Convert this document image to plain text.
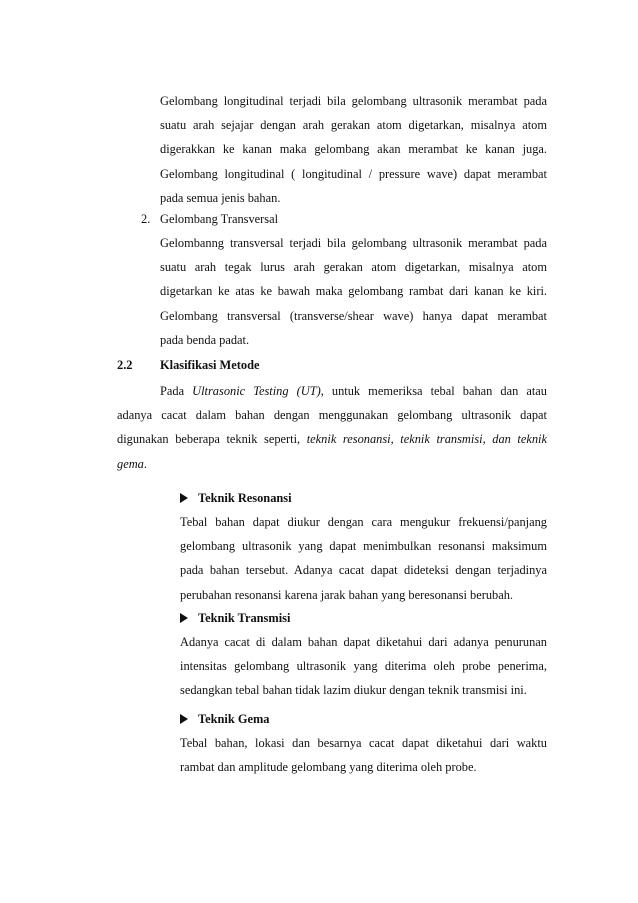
Gelombang longitudinal terjadi bila gelombang ultrasonik merambat pada
suatu arah sejajar dengan arah gerakan atom digetarkan, misalnya atom
digerakkan ke kanan maka gelombang akan merambat ke kanan juga.
Gelombang longitudinal ( longitudinal / pressure wave) dapat merambat
pada semua jenis bahan.
2. Gelombang Transversal
Gelombanng transversal terjadi bila gelombang ultrasonik merambat pada
suatu arah tegak lurus arah gerakan atom digetarkan, misalnya atom
digetarkan ke atas ke bawah maka gelombang rambat dari kanan ke kiri.
Gelombang transversal (transverse/shear wave) hanya dapat merambat
pada benda padat.
2.2 Klasifikasi Metode
Pada Ultrasonic Testing (UT), untuk memeriksa tebal bahan dan atau
adanya cacat dalam bahan dengan menggunakan gelombang ultrasonik dapat
digunakan beberapa teknik seperti, teknik resonansi, teknik transmisi, dan teknik
gema.
Teknik Resonansi
Tebal bahan dapat diukur dengan cara mengukur frekuensi/panjang
gelombang ultrasonik yang dapat menimbulkan resonansi maksimum
pada bahan tersebut. Adanya cacat dapat dideteksi dengan terjadinya
perubahan resonansi karena jarak bahan yang beresonansi berubah.
Teknik Transmisi
Adanya cacat di dalam bahan dapat diketahui dari adanya penurunan
intensitas gelombang ultrasonik yang diterima oleh probe penerima,
sedangkan tebal bahan tidak lazim diukur dengan teknik transmisi ini.
Teknik Gema
Tebal bahan, lokasi dan besarnya cacat dapat diketahui dari waktu
rambat dan amplitude gelombang yang diterima oleh probe.
